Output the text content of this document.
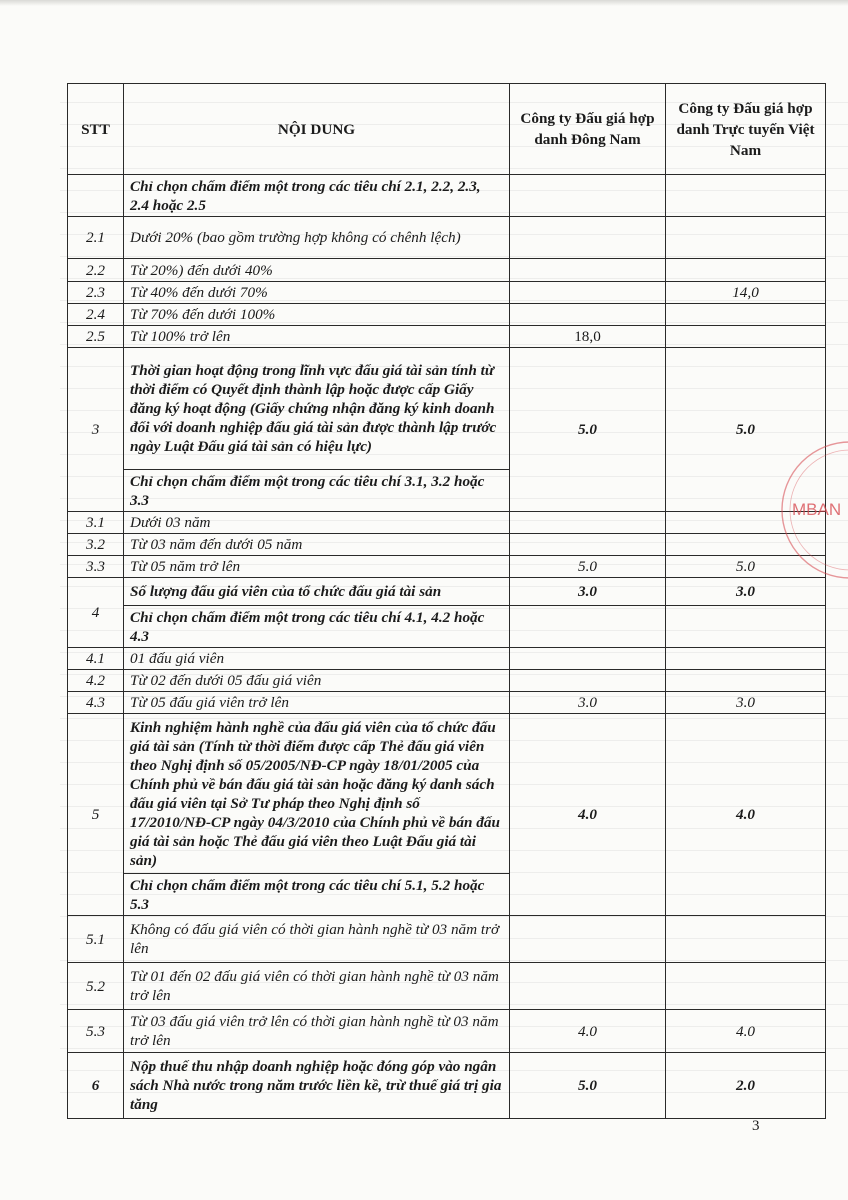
STT	NỘI DUNG	Công ty Đấu giá hợp danh Đông Nam	Công ty Đấu giá hợp danh Trực tuyến Việt Nam
	Chỉ chọn chấm điểm một trong các tiêu chí 2.1, 2.2, 2.3, 2.4 hoặc 2.5		
2.1	Dưới 20% (bao gồm trường hợp không có chênh lệch)		
2.2	Từ 20%) đến dưới 40%		
2.3	Từ 40% đến dưới 70%		14,0
2.4	Từ 70% đến dưới 100%		
2.5	Từ 100% trở lên	18,0	
3	Thời gian hoạt động trong lĩnh vực đấu giá tài sản tính từ thời điểm có Quyết định thành lập hoặc được cấp Giấy đăng ký hoạt động (Giấy chứng nhận đăng ký kinh doanh đối với doanh nghiệp đấu giá tài sản được thành lập trước ngày Luật Đấu giá tài sản có hiệu lực)	5.0	5.0
	Chỉ chọn chấm điểm một trong các tiêu chí 3.1, 3.2 hoặc 3.3		
3.1	Dưới 03 năm		
3.2	Từ 03 năm đến dưới 05 năm		
3.3	Từ 05 năm trở lên	5.0	5.0
4	Số lượng đấu giá viên của tổ chức đấu giá tài sản	3.0	3.0
	Chỉ chọn chấm điểm một trong các tiêu chí 4.1, 4.2 hoặc 4.3		
4.1	01 đấu giá viên		
4.2	Từ 02 đến dưới 05 đấu giá viên		
4.3	Từ 05 đấu giá viên trở lên	3.0	3.0
5	Kinh nghiệm hành nghề của đấu giá viên của tổ chức đấu giá tài sản (Tính từ thời điểm được cấp Thẻ đấu giá viên theo Nghị định số 05/2005/NĐ-CP ngày 18/01/2005 của Chính phủ về bán đấu giá tài sản hoặc đăng ký danh sách đấu giá viên tại Sở Tư pháp theo Nghị định số 17/2010/NĐ-CP ngày 04/3/2010 của Chính phủ về bán đấu giá tài sản hoặc Thẻ đấu giá viên theo Luật Đấu giá tài sản)	4.0	4.0
	Chỉ chọn chấm điểm một trong các tiêu chí 5.1, 5.2 hoặc 5.3		
5.1	Không có đấu giá viên có thời gian hành nghề từ 03 năm trở lên		
5.2	Từ 01 đến 02 đấu giá viên có thời gian hành nghề từ 03 năm trở lên		
5.3	Từ 03 đấu giá viên trở lên có thời gian hành nghề từ 03 năm trở lên	4.0	4.0
6	Nộp thuế thu nhập doanh nghiệp hoặc đóng góp vào ngân sách Nhà nước trong năm trước liền kề, trừ thuế giá trị gia tăng	5.0	2.0
MBAN
3
